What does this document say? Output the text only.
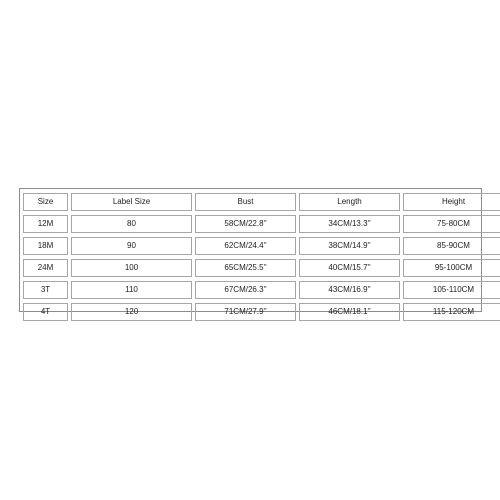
Size	Label Size	Bust	Length	Height
12M	80	58CM/22.8''	34CM/13.3''	75-80CM
18M	90	62CM/24.4''	38CM/14.9''	85-90CM
24M	100	65CM/25.5''	40CM/15.7''	95-100CM
3T	110	67CM/26.3''	43CM/16.9''	105-110CM
4T	120	71CM/27.9''	46CM/18.1''	115-120CM
